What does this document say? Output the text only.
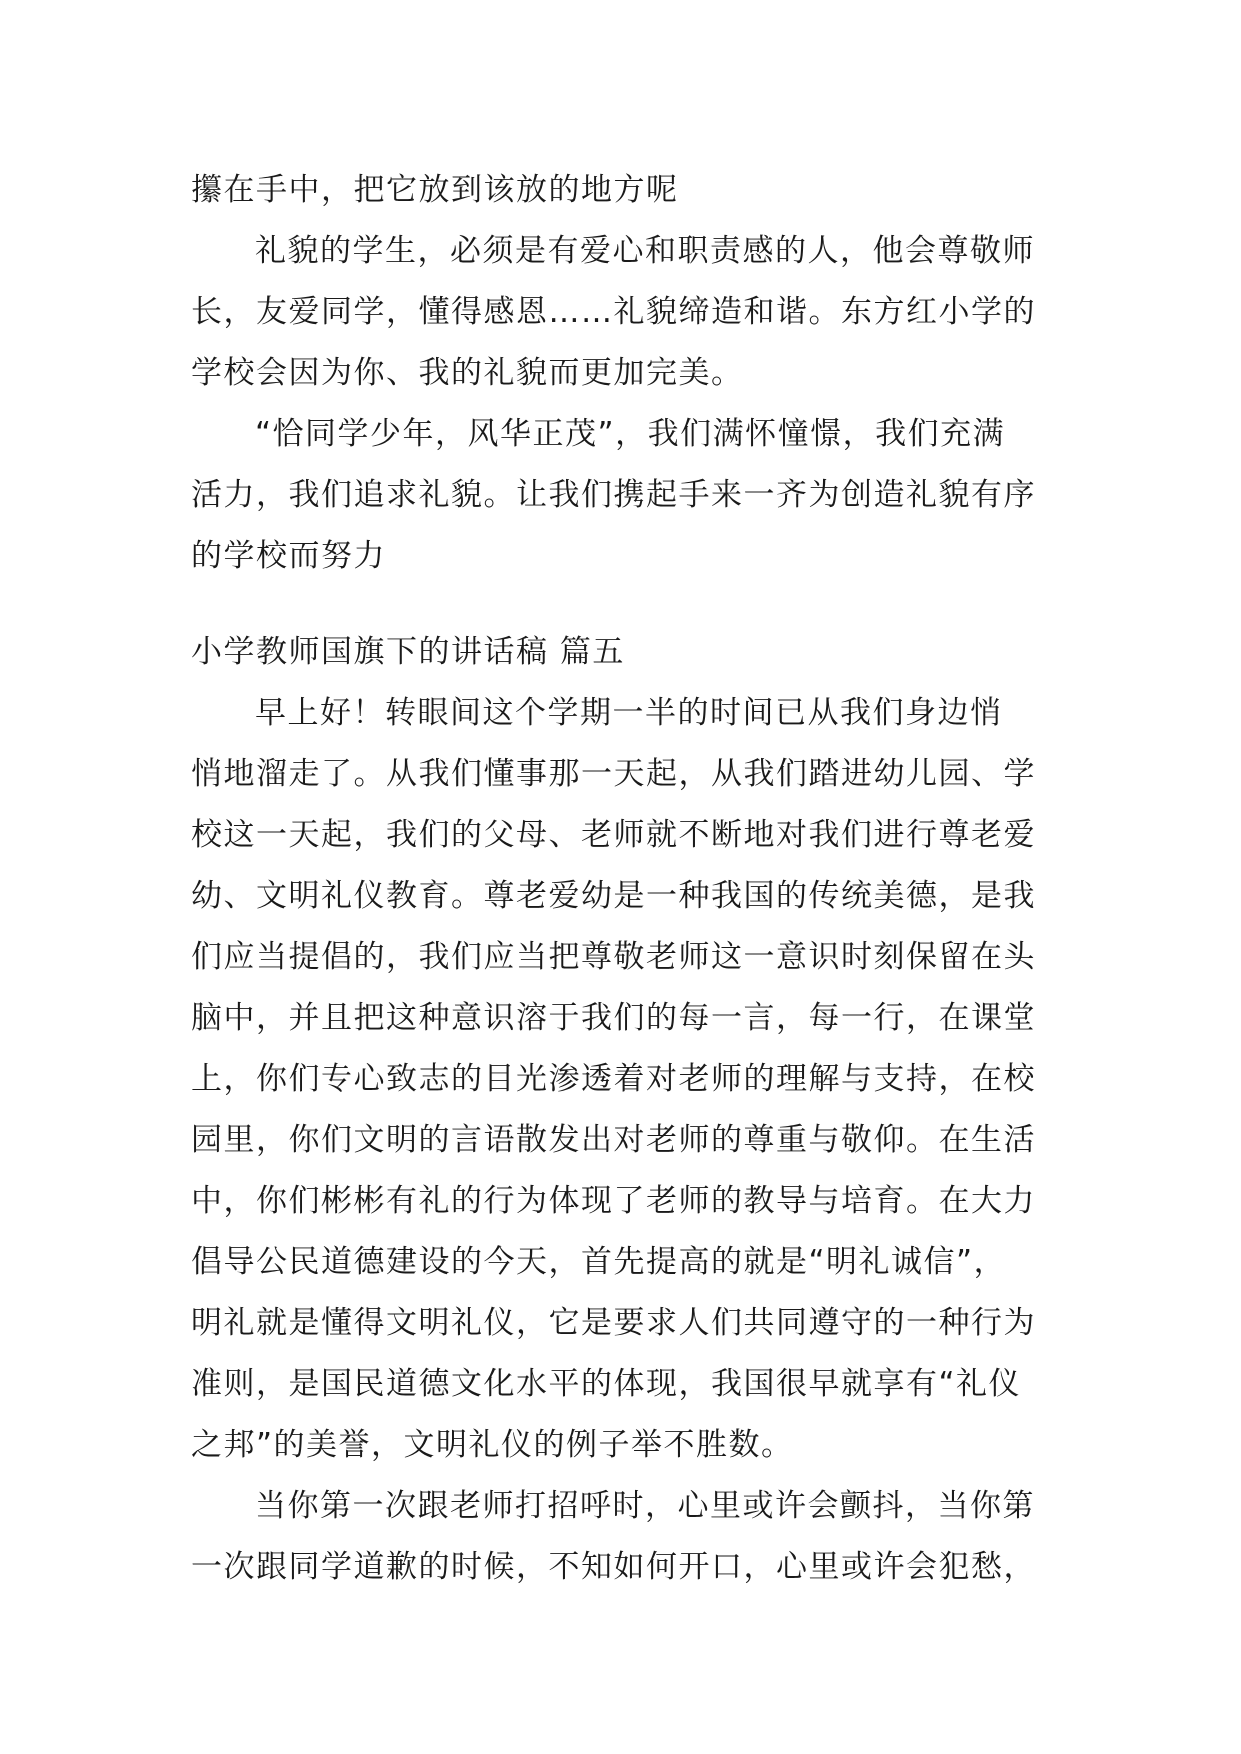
攥在手中，把它放到该放的地方呢
礼貌的学生，必须是有爱心和职责感的人，他会尊敬师
长，友爱同学，懂得感恩……礼貌缔造和谐。东方红小学的
学校会因为你、我的礼貌而更加完美。
“恰同学少年，风华正茂”，我们满怀憧憬，我们充满
活力，我们追求礼貌。让我们携起手来一齐为创造礼貌有序
的学校而努力
小学教师国旗下的讲话稿 篇五
早上好！转眼间这个学期一半的时间已从我们身边悄
悄地溜走了。从我们懂事那一天起，从我们踏进幼儿园、学
校这一天起，我们的父母、老师就不断地对我们进行尊老爱
幼、文明礼仪教育。尊老爱幼是一种我国的传统美德，是我
们应当提倡的，我们应当把尊敬老师这一意识时刻保留在头
脑中，并且把这种意识溶于我们的每一言，每一行，在课堂
上，你们专心致志的目光渗透着对老师的理解与支持，在校
园里，你们文明的言语散发出对老师的尊重与敬仰。在生活
中，你们彬彬有礼的行为体现了老师的教导与培育。在大力
倡导公民道德建设的今天，首先提高的就是“明礼诚信”，
明礼就是懂得文明礼仪，它是要求人们共同遵守的一种行为
准则，是国民道德文化水平的体现，我国很早就享有“礼仪
之邦”的美誉，文明礼仪的例子举不胜数。
当你第一次跟老师打招呼时，心里或许会颤抖，当你第
一次跟同学道歉的时候，不知如何开口，心里或许会犯愁，
